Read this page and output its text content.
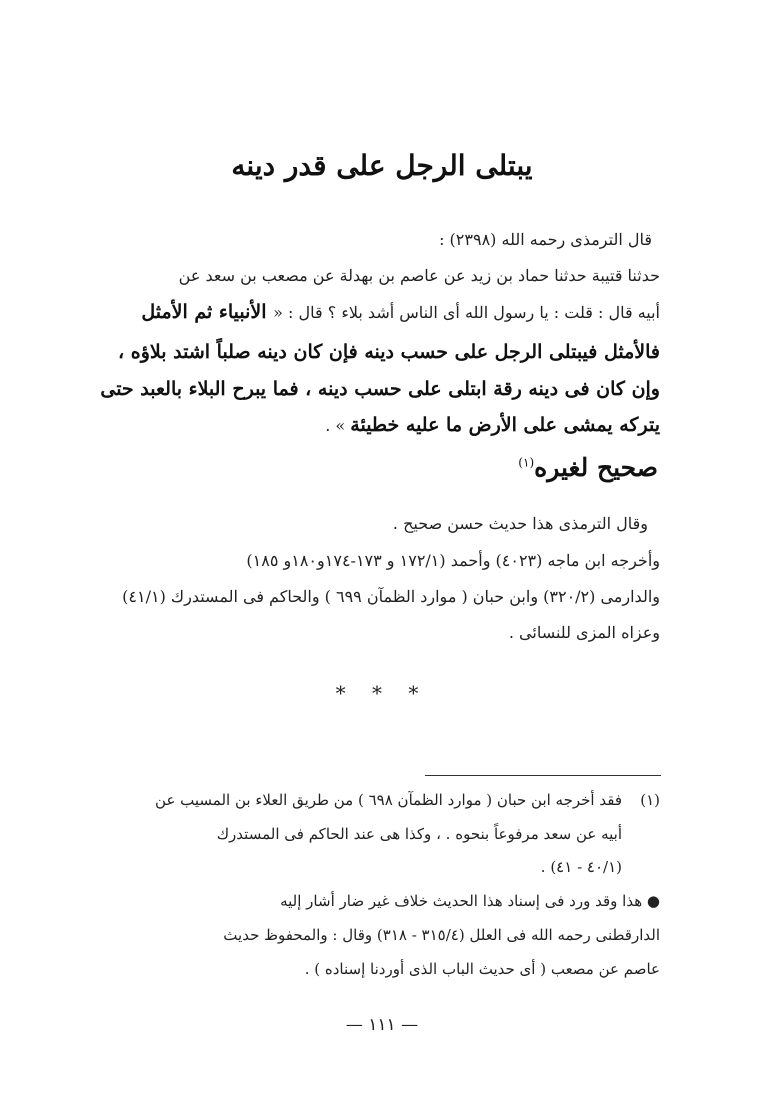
يبتلى الرجل على قدر دينه
قال الترمذى رحمه الله (٢٣٩٨) :
حدثنا قتيبة حدثنا حماد بن زيد عن عاصم بن بهدلة عن مصعب بن سعد عن
أبيه قال : قلت : يا رسول الله أى الناس أشد بلاء ؟ قال : « الأنبياء ثم الأمثل
فالأمثل فيبتلى الرجل على حسب دينه فإن كان دينه صلباً اشتد بلاؤه ،
وإن كان فى دينه رقة ابتلى على حسب دينه ، فما يبرح البلاء بالعبد حتى
يتركه يمشى على الأرض ما عليه خطيئة » .
صحيح لغيره$^{(١)}$
وقال الترمذى هذا حديث حسن صحيح .
وأخرجه ابن ماجه (٤٠٢٣) وأحمد (١٧٢/١ و ١٧٣-١٧٤و١٨٠و ١٨٥)
والدارمى (٣٢٠/٢) وابن حبان ( موارد الظمآن ٦٩٩ ) والحاكم فى المستدرك (٤١/١)
وعزاه المزى للنسائى .
* * *
(١)
فقد أخرجه ابن حبان ( موارد الظمآن ٦٩٨ ) من طريق العلاء بن المسيب عن
أبيه عن سعد مرفوعاً بنحوه . ، وكذا هى عند الحاكم فى المستدرك
(٤٠/١ - ٤١) .
● هذا وقد ورد فى إسناد هذا الحديث خلاف غير ضار أشار إليه
الدارقطنى رحمه الله فى العلل (٣١٥/٤ - ٣١٨) وقال : والمحفوظ حديث
عاصم عن مصعب ( أى حديث الباب الذى أوردنا إسناده ) .
— ١١١ —
